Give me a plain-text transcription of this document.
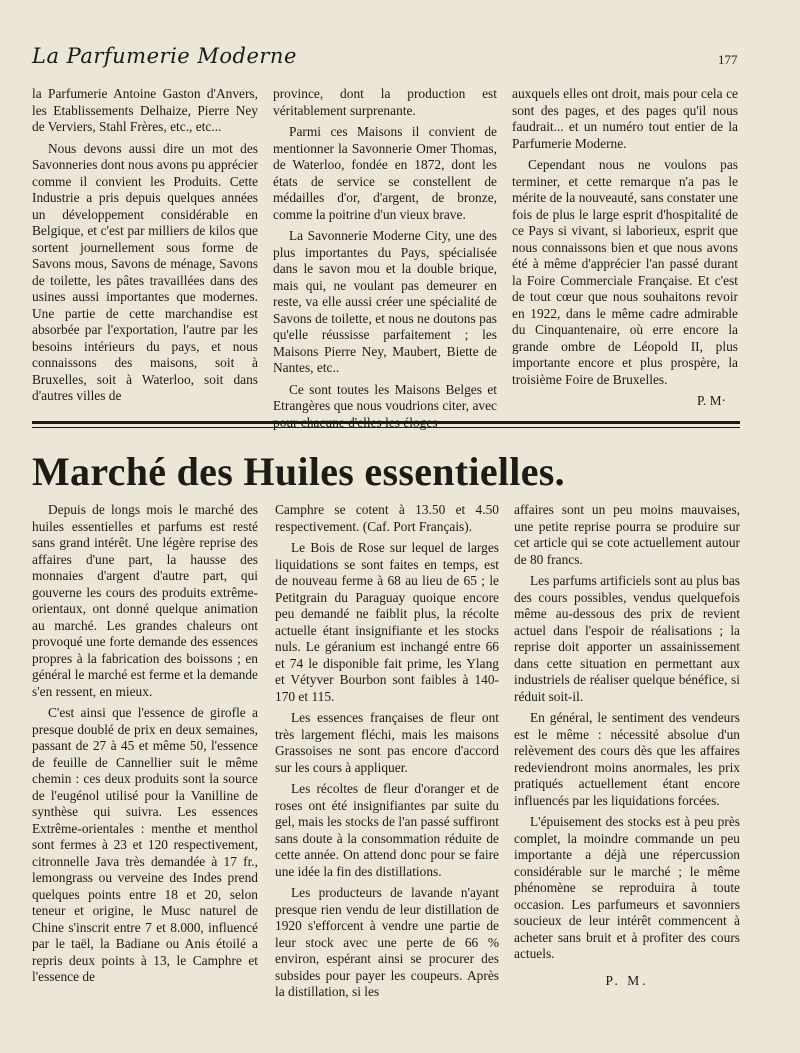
La Parfumerie Moderne	177

la Parfumerie Antoine Gaston d'Anvers, les Etablissements Delhaize, Pierre Ney de Verviers, Stahl Frères, etc., etc...

Nous devons aussi dire un mot des Savonneries dont nous avons pu apprécier comme il convient les Produits. Cette Industrie a pris depuis quelques années un développement considérable en Belgique, et c'est par milliers de kilos que sortent journellement sous forme de Savons mous, Savons de ménage, Savons de toilette, les pâtes travaillées dans des usines aussi importantes que modernes. Une partie de cette marchandise est absorbée par l'exportation, l'autre par les besoins intérieurs du pays, et nous connaissons des maisons, soit à Bruxelles, soit à Waterloo, soit dans d'autres villes de

province, dont la production est véritablement surprenante.

Parmi ces Maisons il convient de mentionner la Savonnerie Omer Thomas, de Waterloo, fondée en 1872, dont les états de service se constellent de médailles d'or, d'argent, de bronze, comme la poitrine d'un vieux brave.

La Savonnerie Moderne City, une des plus importantes du Pays, spécialisée dans le savon mou et la double brique, mais qui, ne voulant pas demeurer en reste, va elle aussi créer une spécialité de Savons de toilette, et nous ne doutons pas qu'elle réussisse parfaitement ; les Maisons Pierre Ney, Maubert, Biette de Nantes, etc..

Ce sont toutes les Maisons Belges et Etrangères que nous voudrions citer, avec

auxquels elles ont droit, mais pour cela ce sont des pages, et des pages qu'il nous faudrait... et un numéro tout entier de la Parfumerie Moderne.

Cependant nous ne voulons pas terminer, et cette remarque n'a pas le mérite de la nouveauté, sans constater une fois de plus le large esprit d'hospitalité de ce Pays si vivant, si laborieux, esprit que nous connaissons bien et que nous avons été à même d'apprécier l'an passé durant la Foire Commerciale Française. Et c'est de tout cœur que nous souhaitons revoir en 1922, dans le même cadre admirable du Cinquantenaire, où erre encore la grande ombre de Léopold II, plus importante encore et plus prospère, la troisième Foire de Bruxelles.

P. M·

Marché des Huiles essentielles.

Depuis de longs mois le marché des huiles essentielles et parfums est resté sans grand intérêt. Une légère reprise des affaires d'une part, la hausse des monnaies d'argent d'autre part, qui gouverne les cours des produits extrême-orientaux, ont donné quelque animation au marché. Les grandes chaleurs ont provoqué une forte demande des essences propres à la fabrication des boissons ; en général le marché est ferme et la demande s'en ressent, en mieux.

C'est ainsi que l'essence de girofle a presque doublé de prix en deux semaines, passant de 27 à 45 et même 50, l'essence de feuille de Cannellier suit le même chemin : ces deux produits sont la source de l'eugénol utilisé pour la Vanilline de synthèse qui suivra. Les essences Extrême-orientales : menthe et menthol sont fermes à 23 et 120 respectivement, citronnelle Java très demandée à 17 fr., lemongrass ou verveine des Indes prend quelques points entre 18 et 20, selon teneur et origine, le Musc naturel de Chine s'inscrit entre 7 et 8.000, influencé par le taël, la Badiane ou Anis étoilé a repris deux points à 13, le Camphre et l'essence de

Camphre se cotent à 13.50 et 4.50 respectivement. (Caf. Port Français).

Le Bois de Rose sur lequel de larges liquidations se sont faites en temps, est de nouveau ferme à 68 au lieu de 65 ; le Petitgrain du Paraguay quoique encore peu demandé ne faiblit plus, la récolte actuelle étant insignifiante et les stocks nuls. Le géranium est inchangé entre 66 et 74 le disponible fait prime, les Ylang et Vétyver Bourbon sont faibles à 140-170 et 115.

Les essences françaises de fleur ont très largement fléchi, mais les maisons Grassoises ne sont pas encore d'accord sur les cours à appliquer.

Les récoltes de fleur d'oranger et de roses ont été insignifiantes par suite du gel, mais les stocks de l'an passé suffiront sans doute à la consommation réduite de cette année. On attend donc pour se faire une idée la fin des distillations.

Les producteurs de lavande n'ayant presque rien vendu de leur distillation de 1920 s'efforcent à vendre une partie de leur stock avec une perte de 66 % environ, espérant ainsi se procurer des subsides pour payer les coupeurs. Après la distillation, si les

affaires sont un peu moins mauvaises, une petite reprise pourra se produire sur cet article qui se cote actuellement autour de 80 francs.

Les parfums artificiels sont au plus bas des cours possibles, vendus quelquefois même au-dessous des prix de revient actuel dans l'espoir de réalisations ; la reprise doit apporter un assainissement dans cette situation en permettant aux industriels de réaliser quelque bénéfice, si réduit soit-il.

En général, le sentiment des vendeurs est le même : nécessité absolue d'un relèvement des cours dès que les affaires redeviendront moins anormales, les prix pratiqués actuellement étant encore influencés par les liquidations forcées.

L'épuisement des stocks est à peu près complet, la moindre commande un peu importante a déjà une répercussion considérable sur le marché ; le même phénomène se reproduira à toute occasion. Les parfumeurs et savonniers soucieux de leur intérêt commencent à acheter sans bruit et à profiter des cours actuels.

P. M.
